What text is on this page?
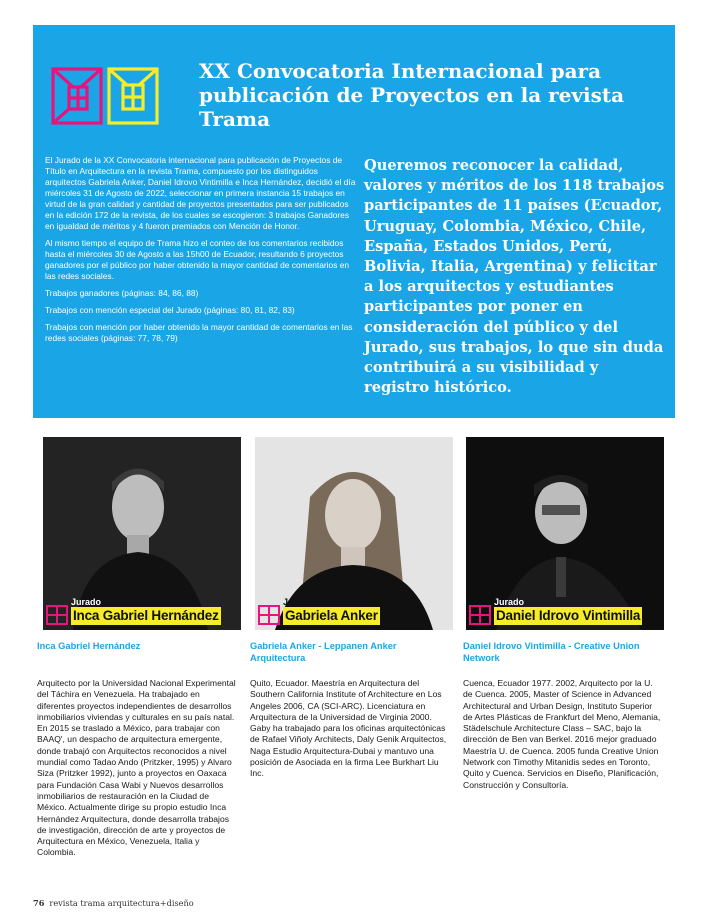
XX Convocatoria Internacional para publicación de Proyectos en la revista Trama

El Jurado de la XX Convocatoria internacional para publicación de Proyectos de Título en Arquitectura en la revista Trama, compuesto por los distinguidos arquitectos Gabriela Anker, Daniel Idrovo Vintimilla e Inca Hernández, decidió el día miércoles 31 de Agosto de 2022, seleccionar en primera instancia 15 trabajos en virtud de la gran calidad y cantidad de proyectos presentados para ser publicados en la edición 172 de la revista, de los cuales se escogieron: 3 trabajos Ganadores en igualdad de méritos y 4 fueron premiados con Mención de Honor.

Al mismo tiempo el equipo de Trama hizo el conteo de los comentarios recibidos hasta el miércoles 30 de Agosto a las 15h00 de Ecuador, resultando 6 proyectos ganadores por el público por haber obtenido la mayor cantidad de comentarios en las redes sociales.

Trabajos ganadores (páginas: 84, 86, 88)

Trabajos con mención especial del Jurado (páginas: 80, 81, 82, 83)

Trabajos con mención por haber obtenido la mayor cantidad de comentarios en las redes sociales (páginas: 77, 78, 79)

Queremos reconocer la calidad, valores y méritos de los 118 trabajos participantes de 11 países (Ecuador, Uruguay, Colombia, México, Chile, España, Estados Unidos, Perú, Bolivia, Italia, Argentina) y felicitar a los arquitectos y estudiantes participantes por poner en consideración del público y del Jurado, sus trabajos, lo que sin duda contribuirá a su visibilidad y registro histórico.
Jurado
Inca Gabriel Hernández
Jurado
Gabriela Anker
Jurado
Daniel Idrovo Vintimilla
Inca Gabriel Hernández	Gabriela Anker - Leppanen Anker Arquitectura
Daniel Idrovo Vintimilla - Creative Union Network
Arquitecto por la Universidad Nacional Experimental del Táchira en Venezuela. Ha trabajado en diferentes proyectos independientes de desarrollos inmobiliarios viviendas y culturales en su país natal. En 2015 se traslado a México, para trabajar con BAAQ', un despacho de arquitectura emergente, donde trabajó con Arquitectos reconocidos a nivel mundial como Tadao Ando (Pritzker, 1995) y Alvaro Siza (Pritzker 1992), junto a proyectos en Oaxaca para Fundación Casa Wabi y Nuevos desarrollos inmobiliarios de restauración en la Ciudad de México. Actualmente dirige su propio estudio Inca Hernández Arquitectura, donde desarrolla trabajos de investigación, dirección de arte y proyectos de Arquitectura en México, Venezuela, Italia y Colombia.
Quito, Ecuador. Maestría en Arquitectura del Southern California Institute of Architecture en Los Angeles 2006, CA (SCI-ARC). Licenciatura en Arquitectura de la Universidad de Virginia 2000. Gaby ha trabajado para los oficinas arquitectónicas de Rafael Viñoly Architects, Daly Genik Arquitectos, Naga Estudio Arquitectura-Dubai y mantuvo una posición de Asociada en la firma Lee Burkhart Liu Inc.
Cuenca, Ecuador 1977. 2002, Arquitecto por la U. de Cuenca. 2005, Master of Science in Advanced Architectural and Urban Design, Instituto Superior de Artes Plásticas de Frankfurt del Meno, Alemania, Städelschule Architecture Class – SAC, bajo la dirección de Ben van Berkel. 2016 mejor graduado Maestría U. de Cuenca. 2005 funda Creative Union Network con Timothy Mitanidis sedes en Toronto, Quito y Cuenca. Servicios en Diseño, Planificación, Construcción y Consultoría.
76 revista trama arquitectura+diseño
